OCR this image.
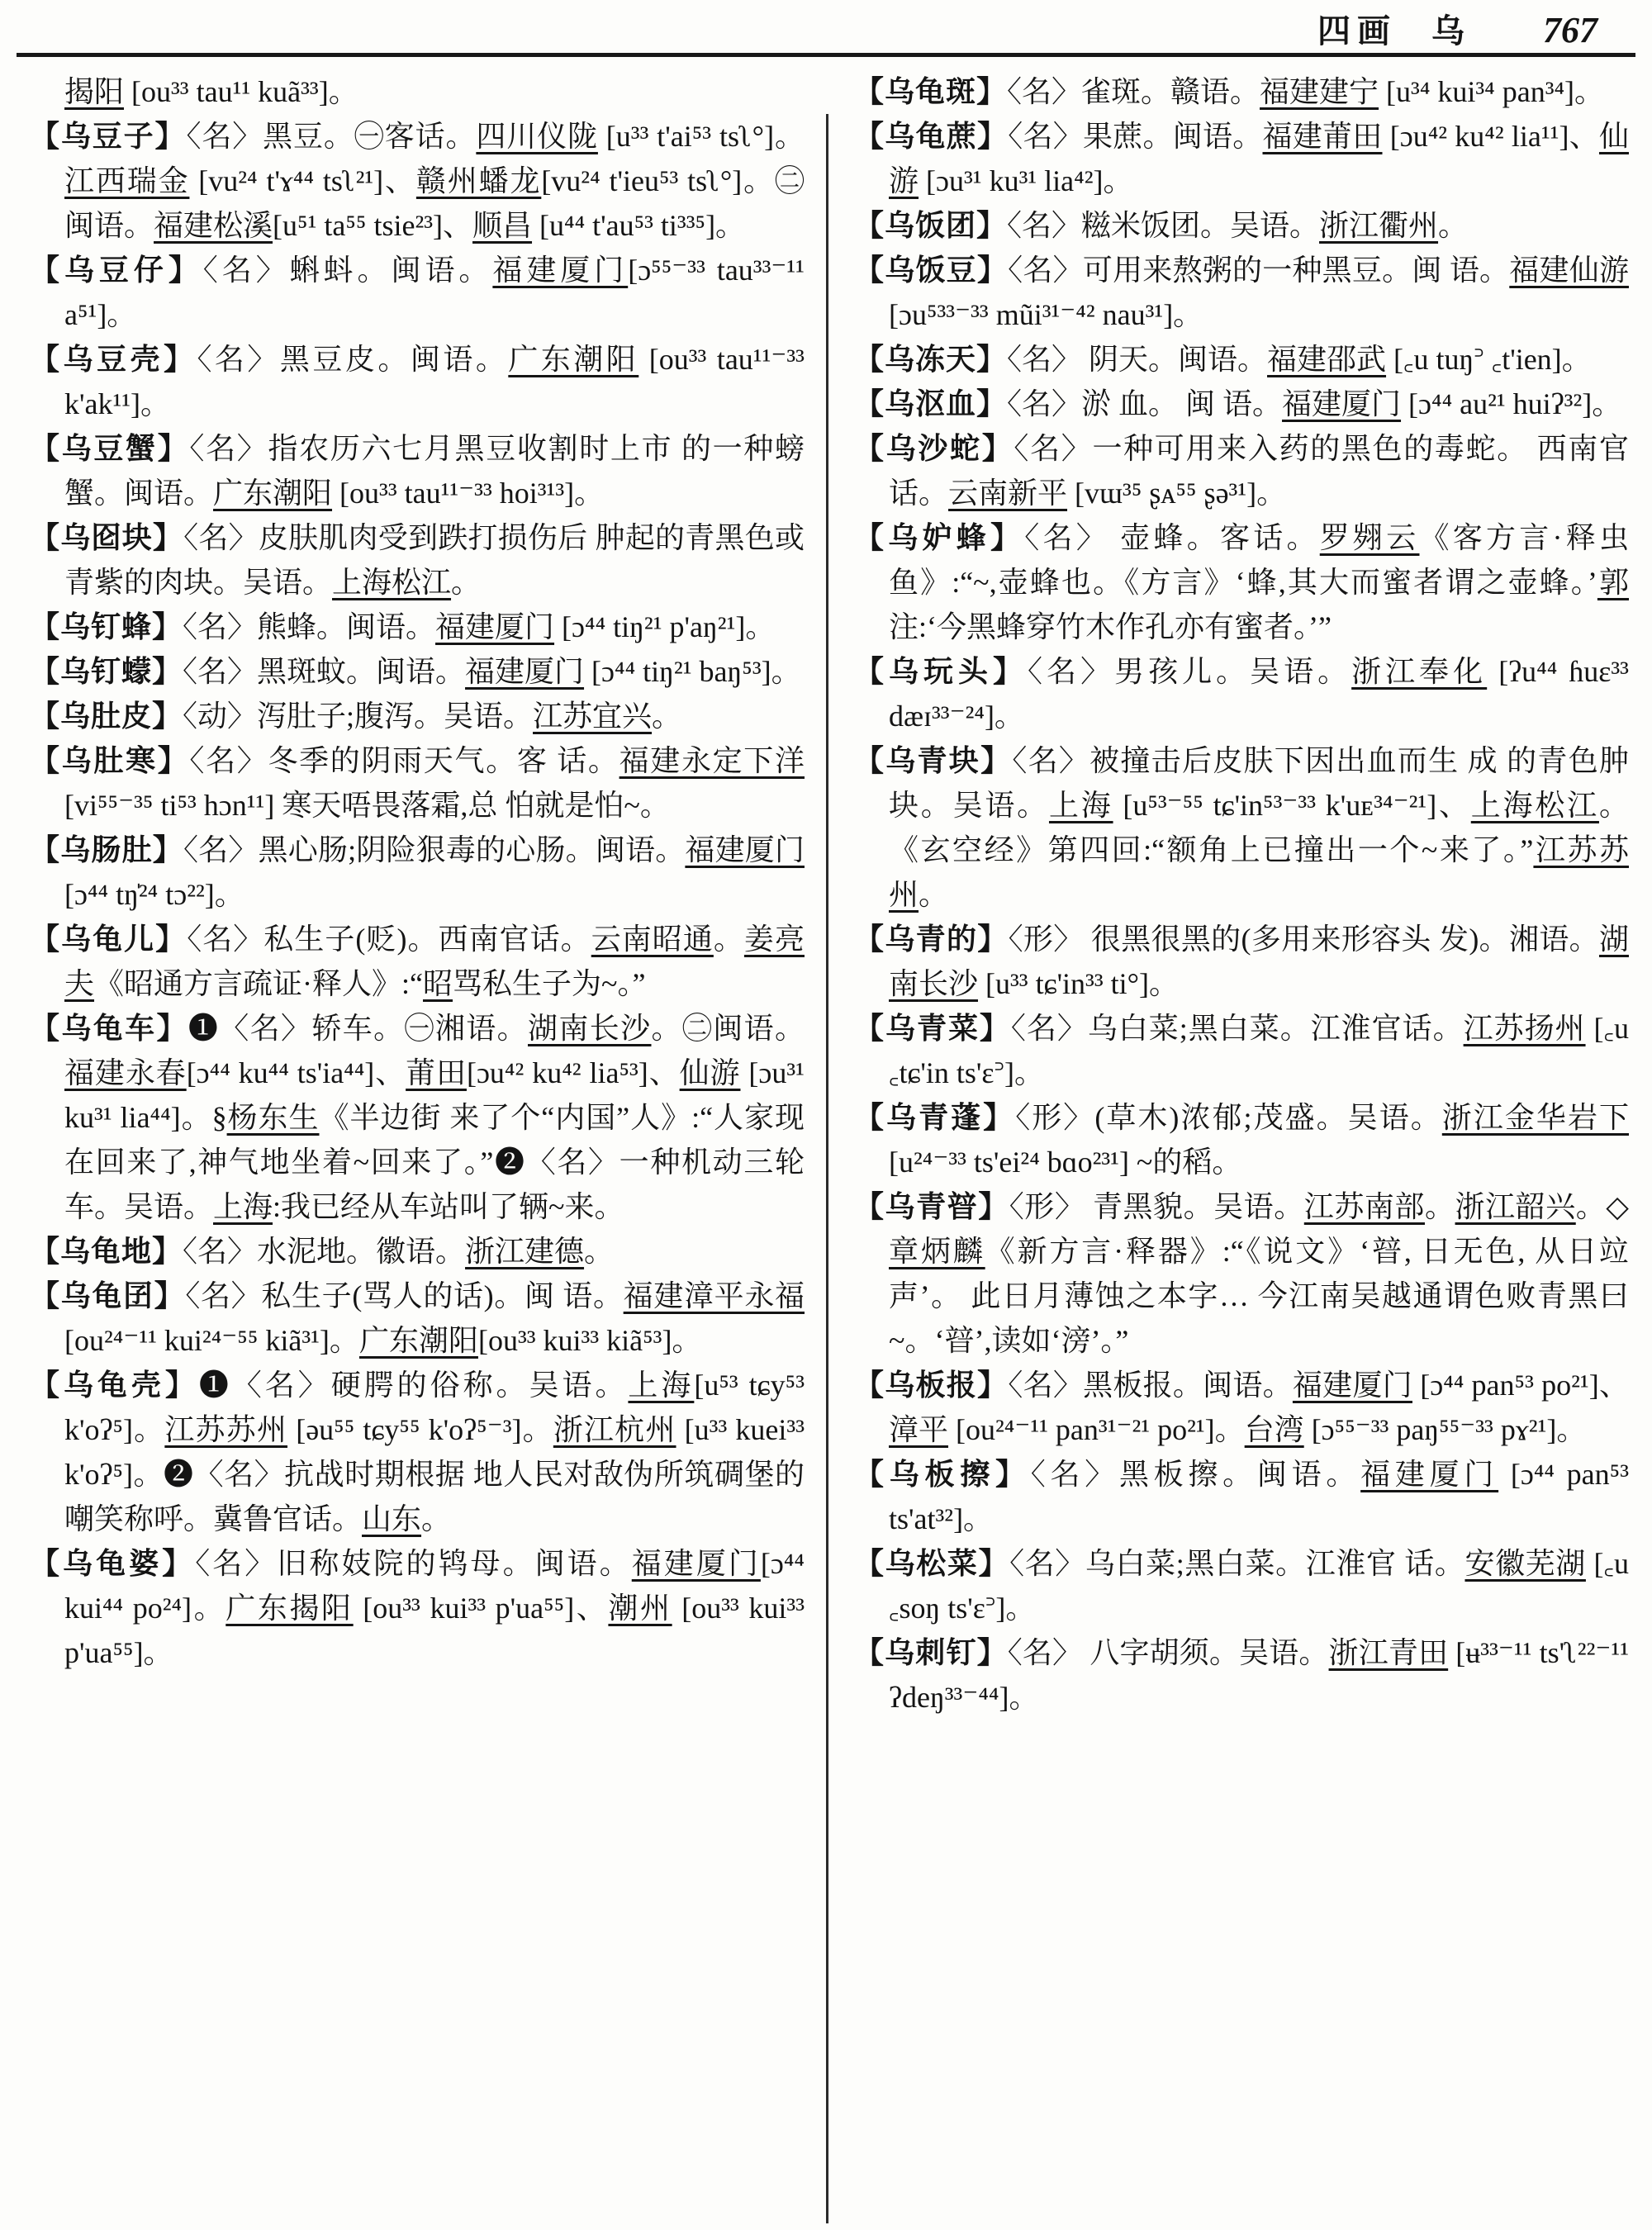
四画 乌 767
揭阳 [ou³³ tau¹¹ kuã³³]。
【乌豆子】〈名〉黑豆。㊀客话。四川仪陇 [u³³ t'ai⁵³ tsʅ°]。江西瑞金 [vu²⁴ t'ɤ⁴⁴ tsʅ²¹]、赣州蟠龙[vu²⁴ t'ieu⁵³ tsʅ°]。㊁闽语。福建松溪[u⁵¹ ta⁵⁵ tsie²³]、顺昌 [u⁴⁴ t'au⁵³ ti³³⁵]。
【乌豆仔】〈名〉蝌蚪。闽语。福建厦门[ɔ⁵⁵⁻³³ tau³³⁻¹¹ a⁵¹]。
【乌豆壳】〈名〉黑豆皮。闽语。广东潮阳 [ou³³ tau¹¹⁻³³ k'ak¹¹]。
【乌豆蟹】〈名〉指农历六七月黑豆收割时上市 的一种螃蟹。闽语。广东潮阳 [ou³³ tau¹¹⁻³³ hoi³¹³]。
【乌囵块】〈名〉皮肤肌肉受到跌打损伤后 肿起的青黑色或青紫的肉块。吴语。上海松江。
【乌钉蜂】〈名〉熊蜂。闽语。福建厦门 [ɔ⁴⁴ tiŋ²¹ p'aŋ²¹]。
【乌钉蠓】〈名〉黑斑蚊。闽语。福建厦门 [ɔ⁴⁴ tiŋ²¹ baŋ⁵³]。
【乌肚皮】〈动〉泻肚子;腹泻。吴语。江苏宜兴。
【乌肚寒】〈名〉冬季的阴雨天气。客 话。福建永定下洋 [vi⁵⁵⁻³⁵ ti⁵³ hɔn¹¹] 寒天唔畏落霜,总 怕就是怕~。
【乌肠肚】〈名〉黑心肠;阴险狠毒的心肠。闽语。福建厦门 [ɔ⁴⁴ tŋ̍²⁴ tɔ²²]。
【乌龟儿】〈名〉私生子(贬)。西南官话。云南昭通。姜亮夫《昭通方言疏证·释人》:“昭骂私生子为~。”
【乌龟车】❶〈名〉轿车。㊀湘语。湖南长沙。㊁闽语。福建永春[ɔ⁴⁴ ku⁴⁴ ts'ia⁴⁴]、莆田[ɔu⁴² ku⁴² lia⁵³]、仙游 [ɔu³¹ ku³¹ lia⁴⁴]。§杨东生《半边街 来了个“内国”人》:“人家现在回来了,神气地坐着~回来了。”❷〈名〉一种机动三轮车。吴语。上海:我已经从车站叫了辆~来。
【乌龟地】〈名〉水泥地。徽语。浙江建德。
【乌龟囝】〈名〉私生子(骂人的话)。闽 语。福建漳平永福 [ou²⁴⁻¹¹ kui²⁴⁻⁵⁵ kiã³¹]。广东潮阳[ou³³ kui³³ kiã⁵³]。
【乌龟壳】❶〈名〉硬腭的俗称。吴语。上海[u⁵³ tɕy⁵³ k'oʔ⁵]。江苏苏州 [əu⁵⁵ tɕy⁵⁵ k'oʔ⁵⁻³]。浙江杭州 [u³³ kuei³³ k'oʔ⁵]。❷〈名〉抗战时期根据 地人民对敌伪所筑碉堡的嘲笑称呼。冀鲁官话。山东。
【乌龟婆】〈名〉旧称妓院的鸨母。闽语。福建厦门[ɔ⁴⁴ kui⁴⁴ po²⁴]。广东揭阳 [ou³³ kui³³ p'ua⁵⁵]、潮州 [ou³³ kui³³ p'ua⁵⁵]。
【乌龟斑】〈名〉雀斑。赣语。福建建宁 [u³⁴ kui³⁴ pan³⁴]。
【乌龟蔗】〈名〉果蔗。闽语。福建莆田 [ɔu⁴² ku⁴² lia¹¹]、仙游 [ɔu³¹ ku³¹ lia⁴²]。
【乌饭团】〈名〉糍米饭团。吴语。浙江衢州。
【乌饭豆】〈名〉可用来熬粥的一种黑豆。闽 语。福建仙游 [ɔu⁵³³⁻³³ mũi³¹⁻⁴² nau³¹]。
【乌冻天】〈名〉 阴天。闽语。福建邵武 [꜀u tuŋ꜄ ꜀t'ien]。
【乌沤血】〈名〉淤 血。 闽 语。福建厦门 [ɔ⁴⁴ au²¹ huiʔ³²]。
【乌沙蛇】〈名〉一种可用来入药的黑色的毒蛇。 西南官话。云南新平 [vɯ³⁵ ʂᴀ⁵⁵ ʂə³¹]。
【乌妒蜂】〈名〉 壶蜂。客话。罗翙云《客方言·释虫鱼》:“~,壶蜂也。《方言》‘蜂,其大而蜜者谓之壶蜂。’郭注:‘今黑蜂穿竹木作孔亦有蜜者。’”
【乌玩头】〈名〉男孩儿。吴语。浙江奉化 [ʔu⁴⁴ ɦuɛ³³ dæɪ³³⁻²⁴]。
【乌青块】〈名〉被撞击后皮肤下因出血而生 成 的青色肿块。吴语。上海 [u⁵³⁻⁵⁵ tɕ'in⁵³⁻³³ k'uᴇ³⁴⁻²¹]、上海松江。《玄空经》第四回:“额角上已撞出一个~来了。”江苏苏州。
【乌青的】〈形〉 很黑很黑的(多用来形容头 发)。湘语。湖南长沙 [u³³ tɕ'in³³ ti°]。
【乌青菜】〈名〉乌白菜;黑白菜。江淮官话。江苏扬州 [꜀u ꜀tɕ'in ts'ɛ꜄]。
【乌青蓬】〈形〉(草木)浓郁;茂盛。吴语。浙江金华岩下 [u²⁴⁻³³ ts'ei²⁴ bɑo²³¹] ~的稻。
【乌青暜】〈形〉 青黑貌。吴语。江苏南部。浙江韶兴。◇章炳麟《新方言·释器》:“《说文》‘暜, 日无色, 从日竝声’。 此日月薄蚀之本字… 今江南吴越通谓色败青黑曰~。‘暜’,读如‘滂’。”
【乌板报】〈名〉黑板报。闽语。福建厦门 [ɔ⁴⁴ pan⁵³ po²¹]、漳平 [ou²⁴⁻¹¹ pan³¹⁻²¹ po²¹]。台湾 [ɔ⁵⁵⁻³³ paŋ⁵⁵⁻³³ pɤ²¹]。
【乌板擦】〈名〉黑板擦。闽语。福建厦门 [ɔ⁴⁴ pan⁵³ ts'at³²]。
【乌松菜】〈名〉乌白菜;黑白菜。江淮官 话。安徽芜湖 [꜀u ꜀soŋ ts'ɛ꜄]。
【乌刺钉】〈名〉 八字胡须。吴语。浙江青田 [ʉ³³⁻¹¹ ts'ʅ²²⁻¹¹ ʔdeŋ³³⁻⁴⁴]。
